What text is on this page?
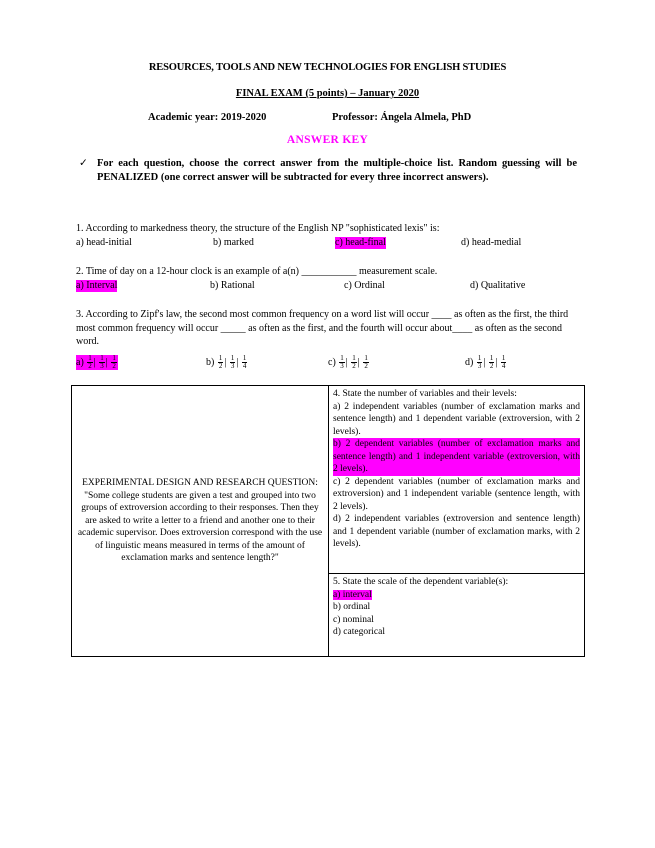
RESOURCES, TOOLS AND NEW TECHNOLOGIES FOR ENGLISH STUDIES
FINAL EXAM (5 points) – January 2020
Academic year: 2019-2020	Professor: Ángela Almela, PhD
ANSWER KEY
✓ For each question, choose the correct answer from the multiple-choice list. Random guessing will be PENALIZED (one correct answer will be subtracted for every three incorrect answers).
1. According to markedness theory, the structure of the English NP "sophisticated lexis" is:
a) head-initial	b) marked	c) head-final	d) head-medial
2. Time of day on a 12-hour clock is an example of a(n) ___________ measurement scale.
a) Interval	b) Rational	c) Ordinal	d) Qualitative
3. According to Zipf's law, the second most common frequency on a word list will occur ____ as often as the first, the third most common frequency will occur _____ as often as the first, and the fourth will occur about____ as often as the second word.
$a) \frac{1}{2}$ | $\frac{1}{3}$ | $\frac{1}{2}$	$b) \frac{1}{2}$ | $\frac{1}{3}$ | $\frac{1}{4}$	$c) \frac{1}{3}$ | $\frac{1}{2}$ | $\frac{1}{2}$	$d) \frac{1}{3}$ | $\frac{1}{2}$ | $\frac{1}{4}$
EXPERIMENTAL DESIGN AND RESEARCH QUESTION:
"Some college students are given a test and grouped into two groups of extroversion according to their responses. Then they are asked to write a letter to a friend and another one to their academic supervisor. Does extroversion correspond with the use of linguistic means measured in terms of the amount of exclamation marks and sentence length?"

4. State the number of variables and their levels:
a) 2 independent variables (number of exclamation marks and sentence length) and 1 dependent variable (extroversion, with 2 levels).
b) 2 dependent variables (number of exclamation marks and sentence length) and 1 independent variable (extroversion, with 2 levels).
c) 2 dependent variables (number of exclamation marks and extroversion) and 1 independent variable (sentence length, with 2 levels).
d) 2 independent variables (extroversion and sentence length) and 1 dependent variable (number of exclamation marks, with 2 levels).

5. State the scale of the dependent variable(s):
a) interval
b) ordinal
c) nominal
d) categorical
